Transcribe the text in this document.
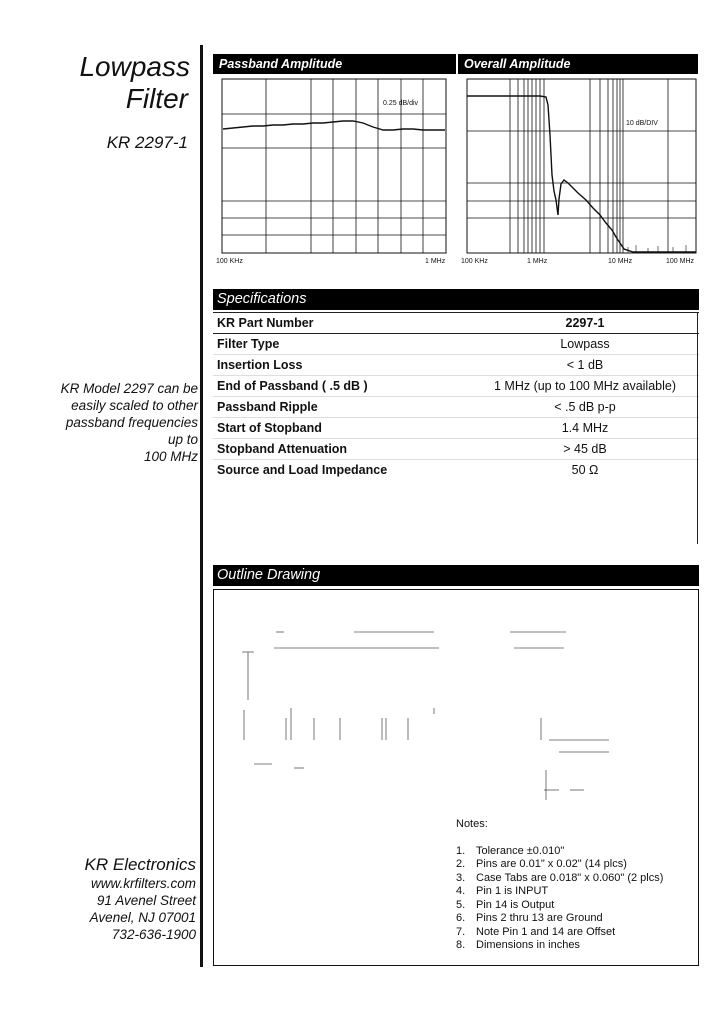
Lowpass
Filter
KR 2297-1
KR Model 2297 can be
easily scaled to other
passband frequencies
up to
100 MHz
KR Electronics
www.krfilters.com
91 Avenel Street
Avenel, NJ 07001
732-636-1900
Passband Amplitude
0.25 dB/div
100 KHz	1 MHz
Overall Amplitude
10 dB/DIV
100 KHz	1 MHz	10 MHz	100 MHz
Specifications
KR Part Number	2297-1
Filter Type	Lowpass
Insertion Loss	< 1 dB
End of Passband ( .5 dB )	1 MHz (up to 100 MHz available)
Passband Ripple	< .5 dB p-p
Start of Stopband	1.4 MHz
Stopband Attenuation	> 45 dB
Source and Load Impedance	50 Ω
Outline Drawing
Notes:
1. Tolerance ±0.010"
2. Pins are 0.01" x 0.02" (14 plcs)
3. Case Tabs are 0.018" x 0.060" (2 plcs)
4. Pin 1 is INPUT
5. Pin 14 is Output
6. Pins 2 thru 13 are Ground
7. Note Pin 1 and 14 are Offset
8. Dimensions in inches
